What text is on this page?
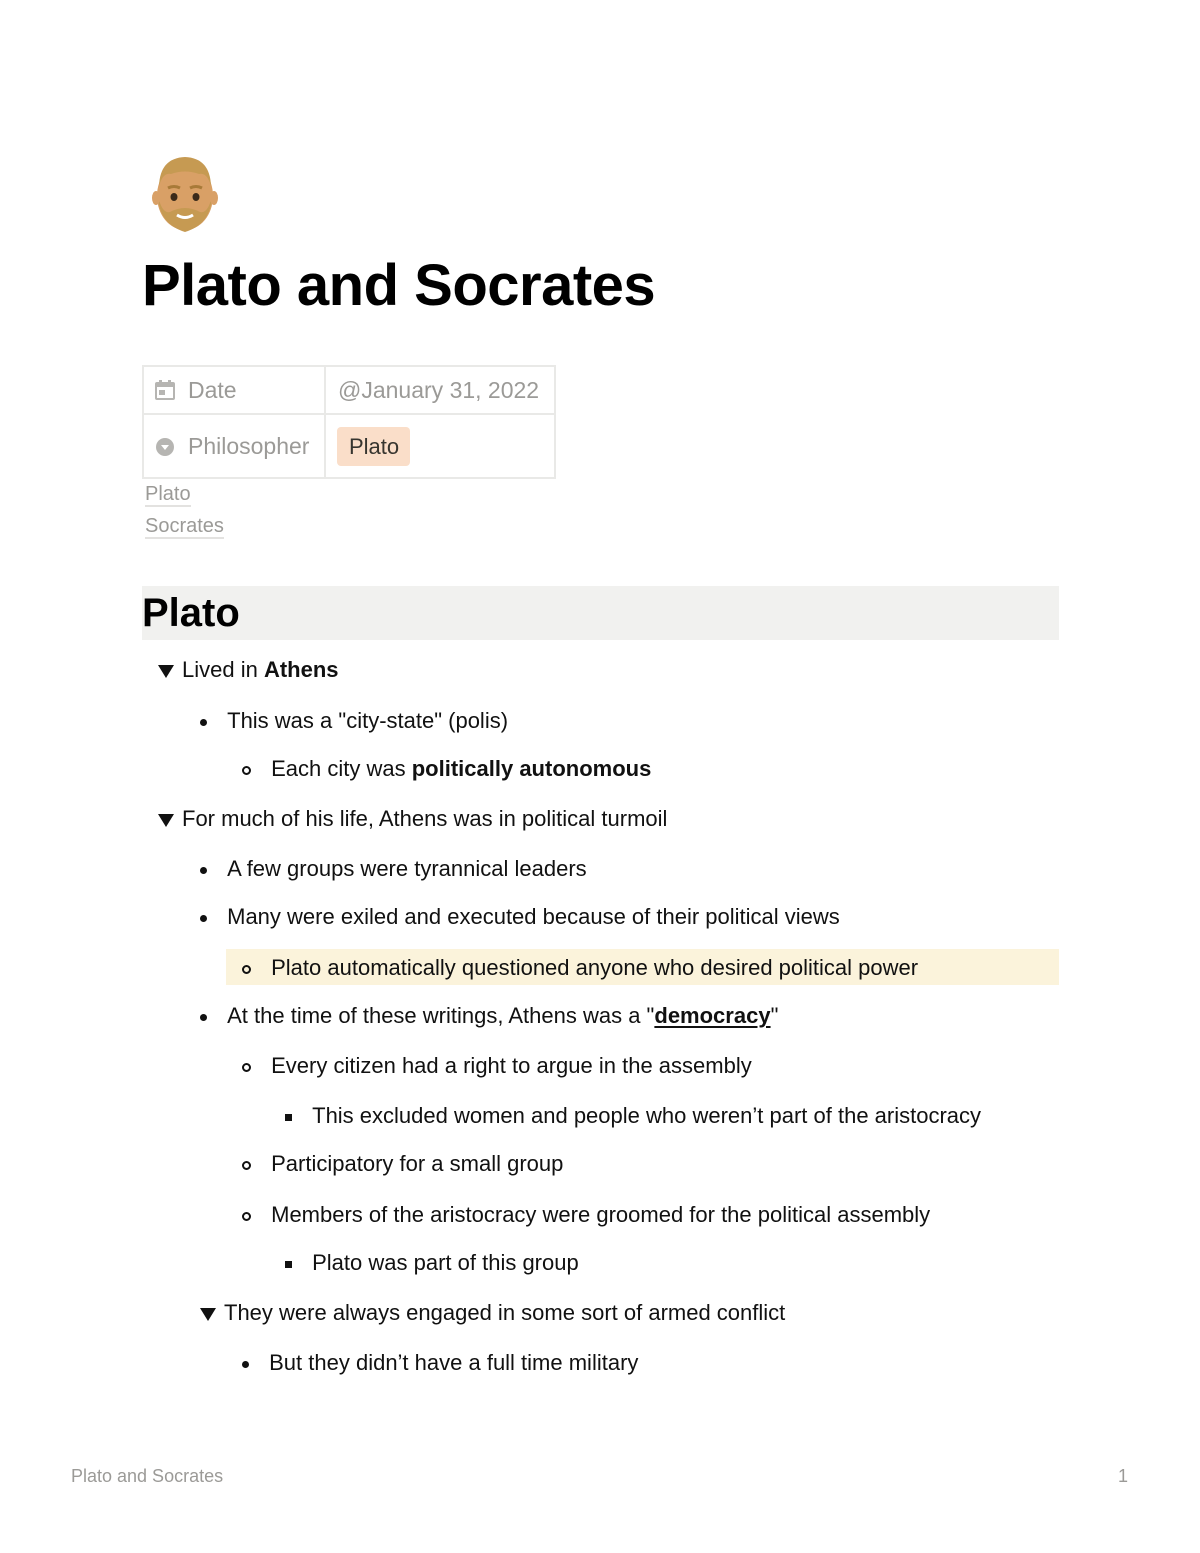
Plato and Socrates
Date	@January 31, 2022

Philosopher	Plato
Plato
Socrates
Plato
Lived in Athens
This was a "city-state" (polis)
Each city was politically autonomous
For much of his life, Athens was in political turmoil
A few groups were tyrannical leaders
Many were exiled and executed because of their political views
Plato automatically questioned anyone who desired political power
At the time of these writings, Athens was a "democracy"
Every citizen had a right to argue in the assembly
This excluded women and people who weren’t part of the aristocracy
Participatory for a small group
Members of the aristocracy were groomed for the political assembly
Plato was part of this group
They were always engaged in some sort of armed conflict
But they didn’t have a full time military
Plato and Socrates	1
